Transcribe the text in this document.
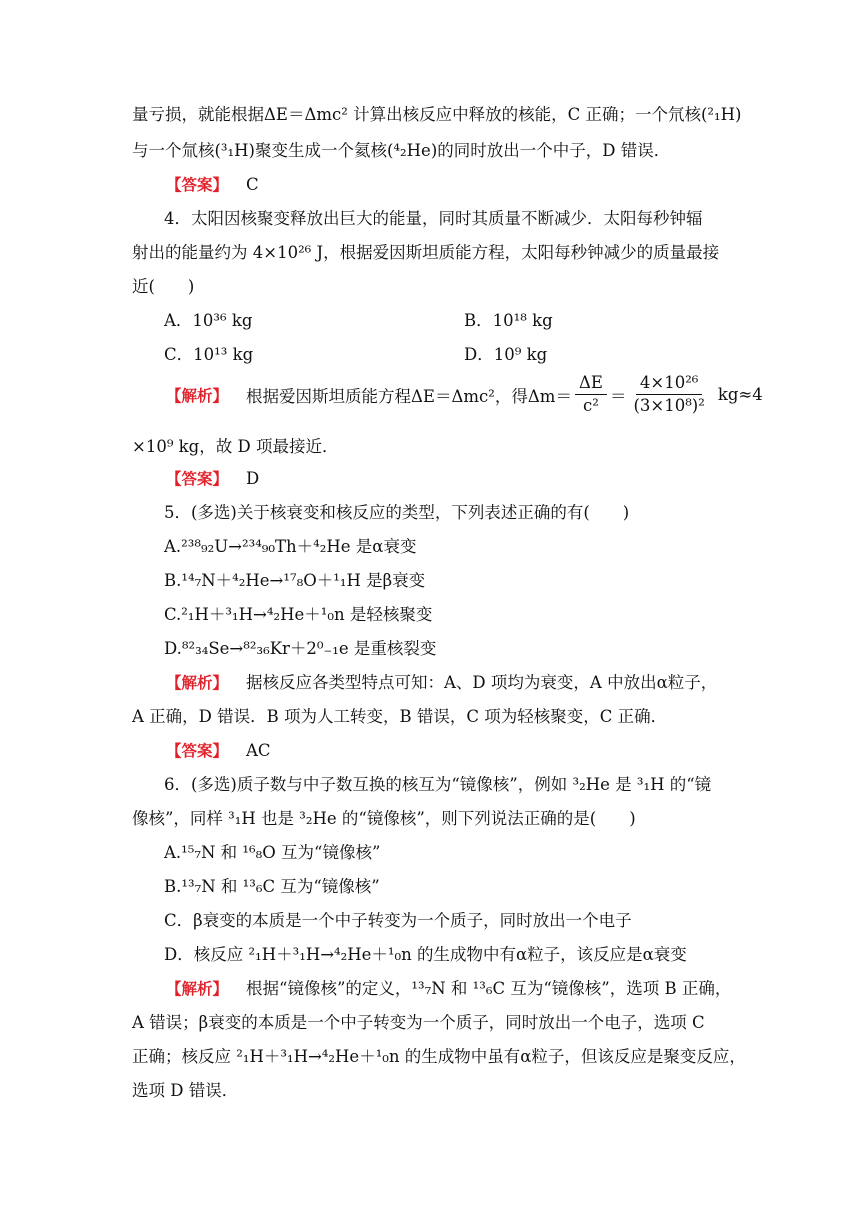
量亏损，就能根据ΔE＝Δmc² 计算出核反应中释放的核能，C 正确；一个氘核(²₁H)
与一个氚核(³₁H)聚变生成一个氦核(⁴₂He)的同时放出一个中子，D 错误．
【答案】 C
4．太阳因核聚变释放出巨大的能量，同时其质量不断减少．太阳每秒钟辐
射出的能量约为 4×10²⁶ J，根据爱因斯坦质能方程，太阳每秒钟减少的质量最接
近(　　)
A．10³⁶ kg	B．10¹⁸ kg
C．10¹³ kg	D．10⁹ kg
【解析】 根据爱因斯坦质能方程ΔE＝Δmc²，得$\Delta m= \frac{\Delta E}{\text{c²}} = \frac{\text{4×10²⁶}}{\text{(3×10⁸)²}} kg\approx 4$
×10⁹ kg，故 D 项最接近．
【答案】 D
5．(多选)关于核衰变和核反应的类型，下列表述正确的有(　　)
A.²³⁸₉₂U→²³⁴₉₀Th＋⁴₂He 是α衰变
B.¹⁴₇N＋⁴₂He→¹⁷₈O＋¹₁H 是β衰变
C.²₁H＋³₁H→⁴₂He＋¹₀n 是轻核聚变
D.⁸²₃₄Se→⁸²₃₆Kr＋2⁰₋₁e 是重核裂变
【解析】 据核反应各类型特点可知：A、D 项均为衰变，A 中放出α粒子，
A 正确，D 错误．B 项为人工转变，B 错误，C 项为轻核聚变，C 正确．
【答案】 AC
6．(多选)质子数与中子数互换的核互为“镜像核”，例如 ³₂He 是 ³₁H 的“镜
像核”，同样 ³₁H 也是 ³₂He 的“镜像核”，则下列说法正确的是(　　)
A.¹⁵₇N 和 ¹⁶₈O 互为“镜像核”
B.¹³₇N 和 ¹³₆C 互为“镜像核”
C．β衰变的本质是一个中子转变为一个质子，同时放出一个电子
D．核反应 ²₁H＋³₁H→⁴₂He＋¹₀n 的生成物中有α粒子，该反应是α衰变
【解析】 根据“镜像核”的定义，¹³₇N 和 ¹³₆C 互为“镜像核”，选项 B 正确，
A 错误；β衰变的本质是一个中子转变为一个质子，同时放出一个电子，选项 C
正确；核反应 ²₁H＋³₁H→⁴₂He＋¹₀n 的生成物中虽有α粒子，但该反应是聚变反应，
选项 D 错误．
